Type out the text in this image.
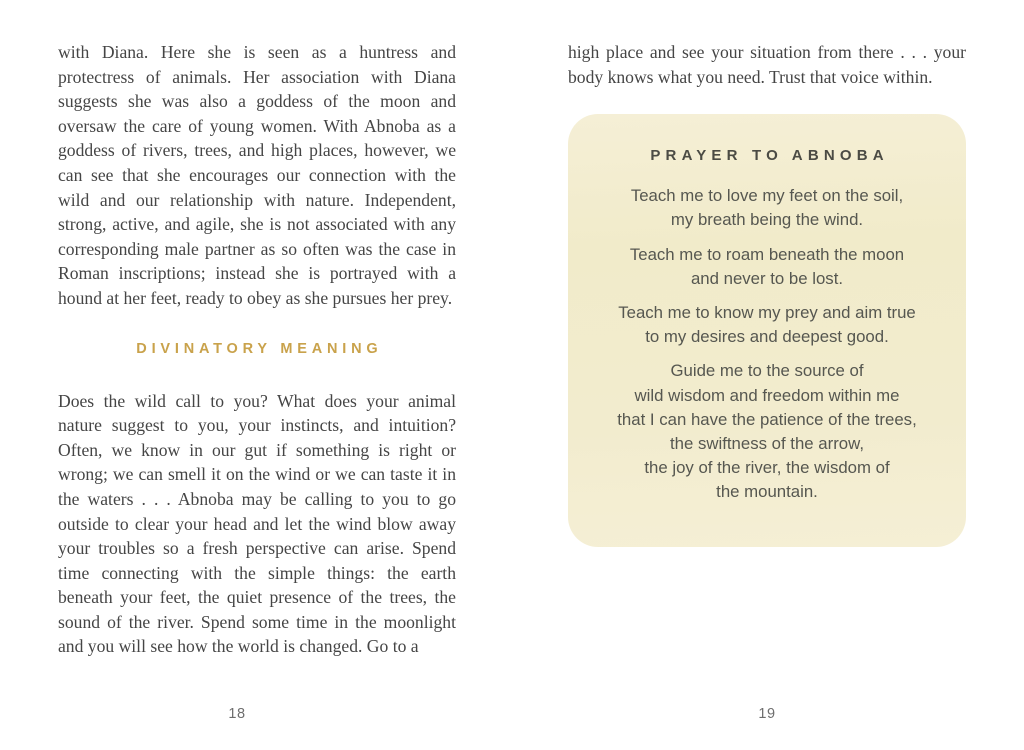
with Diana. Here she is seen as a huntress and protectress of animals. Her association with Diana suggests she was also a goddess of the moon and oversaw the care of young women. With Abnoba as a goddess of rivers, trees, and high places, however, we can see that she encourages our connection with the wild and our relationship with nature. Independent, strong, active, and agile, she is not associated with any corresponding male partner as so often was the case in Roman inscriptions; instead she is portrayed with a hound at her feet, ready to obey as she pursues her prey.

DIVINATORY MEANING

Does the wild call to you? What does your animal nature suggest to you, your instincts, and intuition? Often, we know in our gut if something is right or wrong; we can smell it on the wind or we can taste it in the waters . . . Abnoba may be calling to you to go outside to clear your head and let the wind blow away your troubles so a fresh perspective can arise. Spend time connecting with the simple things: the earth beneath your feet, the quiet presence of the trees, the sound of the river. Spend some time in the moonlight and you will see how the world is changed. Go to a

high place and see your situation from there . . . your body knows what you need. Trust that voice within.

PRAYER TO ABNOBA
Teach me to love my feet on the soil,
my breath being the wind.
Teach me to roam beneath the moon
and never to be lost.
Teach me to know my prey and aim true
to my desires and deepest good.
Guide me to the source of
wild wisdom and freedom within me
that I can have the patience of the trees,
the swiftness of the arrow,
the joy of the river, the wisdom of
the mountain.
18	19
